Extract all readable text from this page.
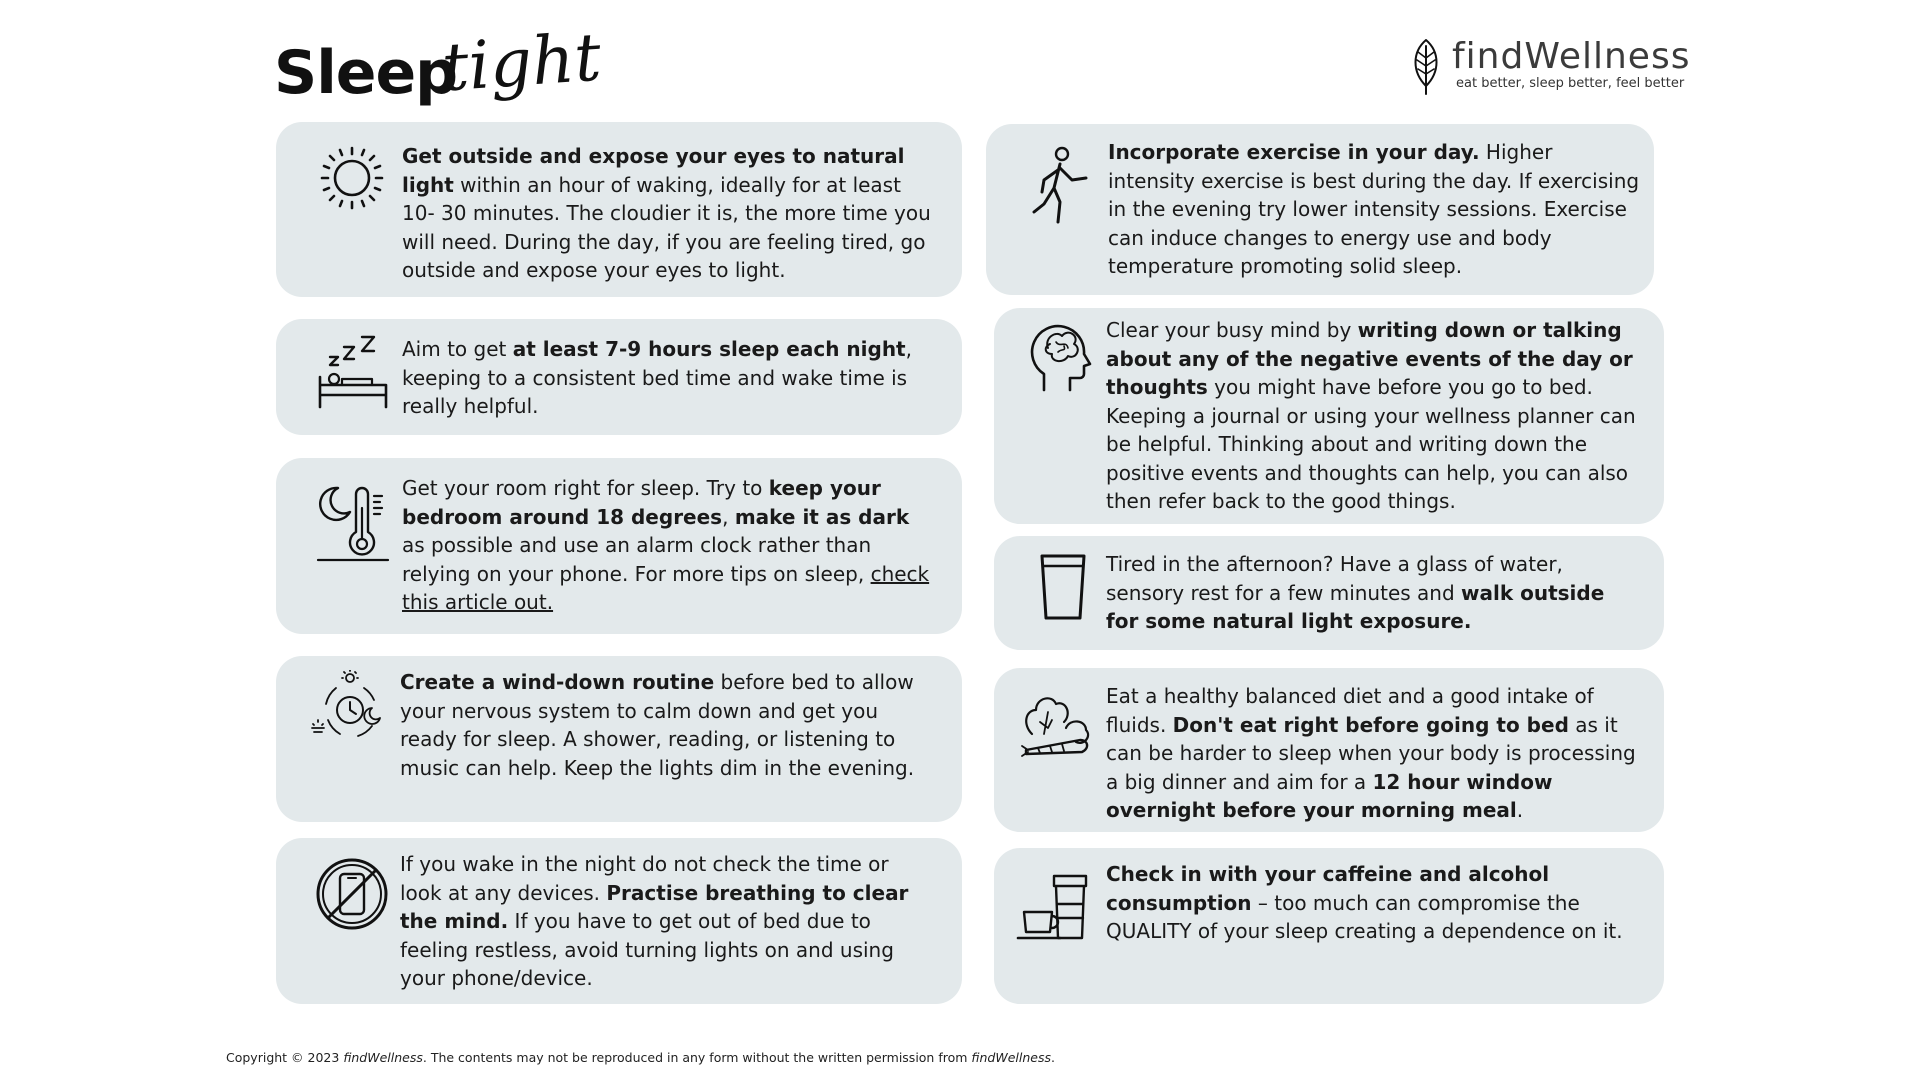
Sleep
tight	findWellness
eat better, sleep better, feel better
Get outside and expose your eyes to natural light within an hour of waking, ideally for at least 10- 30 minutes. The cloudier it is, the more time you will need. During the day, if you are feeling tired, go outside and expose your eyes to light.
Aim to get at least 7-9 hours sleep each night, keeping to a consistent bed time and wake time is really helpful.
Get your room right for sleep. Try to keep your bedroom around 18 degrees, make it as dark as possible and use an alarm clock rather than relying on your phone. For more tips on sleep, check this article out.
Create a wind-down routine before bed to allow your nervous system to calm down and get you ready for sleep. A shower, reading, or listening to music can help. Keep the lights dim in the evening.
If you wake in the night do not check the time or look at any devices. Practise breathing to clear the mind. If you have to get out of bed due to feeling restless, avoid turning lights on and using your phone/device.
Incorporate exercise in your day. Higher intensity exercise is best during the day. If exercising in the evening try lower intensity sessions. Exercise can induce changes to energy use and body temperature promoting solid sleep.
Clear your busy mind by writing down or talking about any of the negative events of the day or thoughts you might have before you go to bed. Keeping a journal or using your wellness planner can be helpful. Thinking about and writing down the positive events and thoughts can help, you can also then refer back to the good things.
Tired in the afternoon? Have a glass of water, sensory rest for a few minutes and walk outside for some natural light exposure.
Eat a healthy balanced diet and a good intake of fluids. Don't eat right before going to bed as it can be harder to sleep when your body is processing a big dinner and aim for a 12 hour window overnight before your morning meal.
Check in with your caffeine and alcohol consumption – too much can compromise the QUALITY of your sleep creating a dependence on it.
Copyright © 2023 findWellness. The contents may not be reproduced in any form without the written permission from findWellness.
